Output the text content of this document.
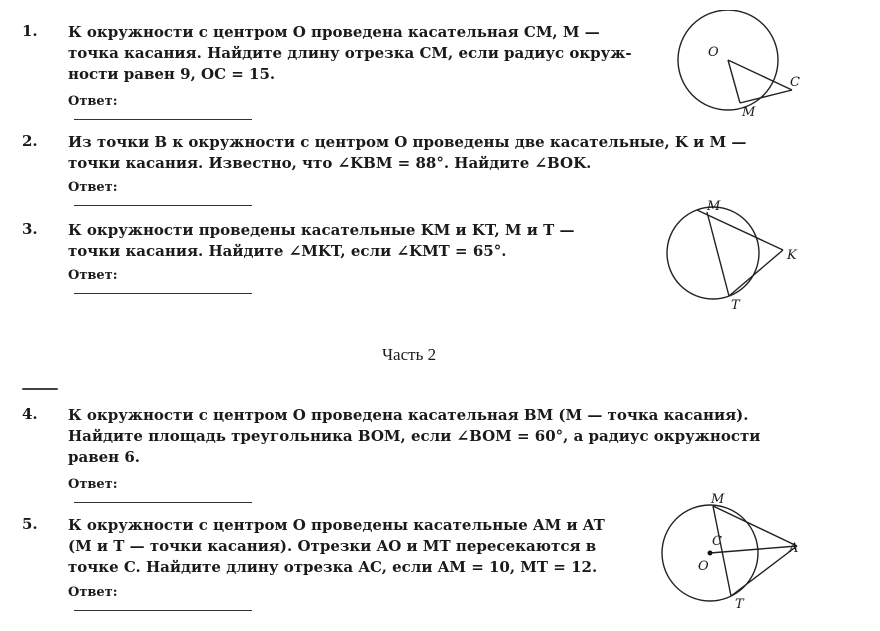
1. К окружности с центром O проведена касательная CM, M —
точка касания. Найдите длину отрезка CM, если радиус окруж-
ности равен 9, OC = 15.
Ответ:
2. Из точки B к окружности с центром O проведены две касательные, K и M —
точки касания. Известно, что ∠KBM = 88°. Найдите ∠BOK.
Ответ:
3. К окружности проведены касательные KM и KT, M и T —
точки касания. Найдите ∠MKT, если ∠KMT = 65°.
Ответ:
Часть 2
4. К окружности с центром O проведена касательная BM (M — точка касания).
Найдите площадь треугольника BOM, если ∠BOM = 60°, а радиус окружности
равен 6.
Ответ:
5. К окружности с центром O проведены касательные AM и AT
(M и T — точки касания). Отрезки AO и MT пересекаются в
точке C. Найдите длину отрезка AC, если AM = 10, MT = 12.
Ответ:
O
C
M
M
K
T
M
C	A
O
T
